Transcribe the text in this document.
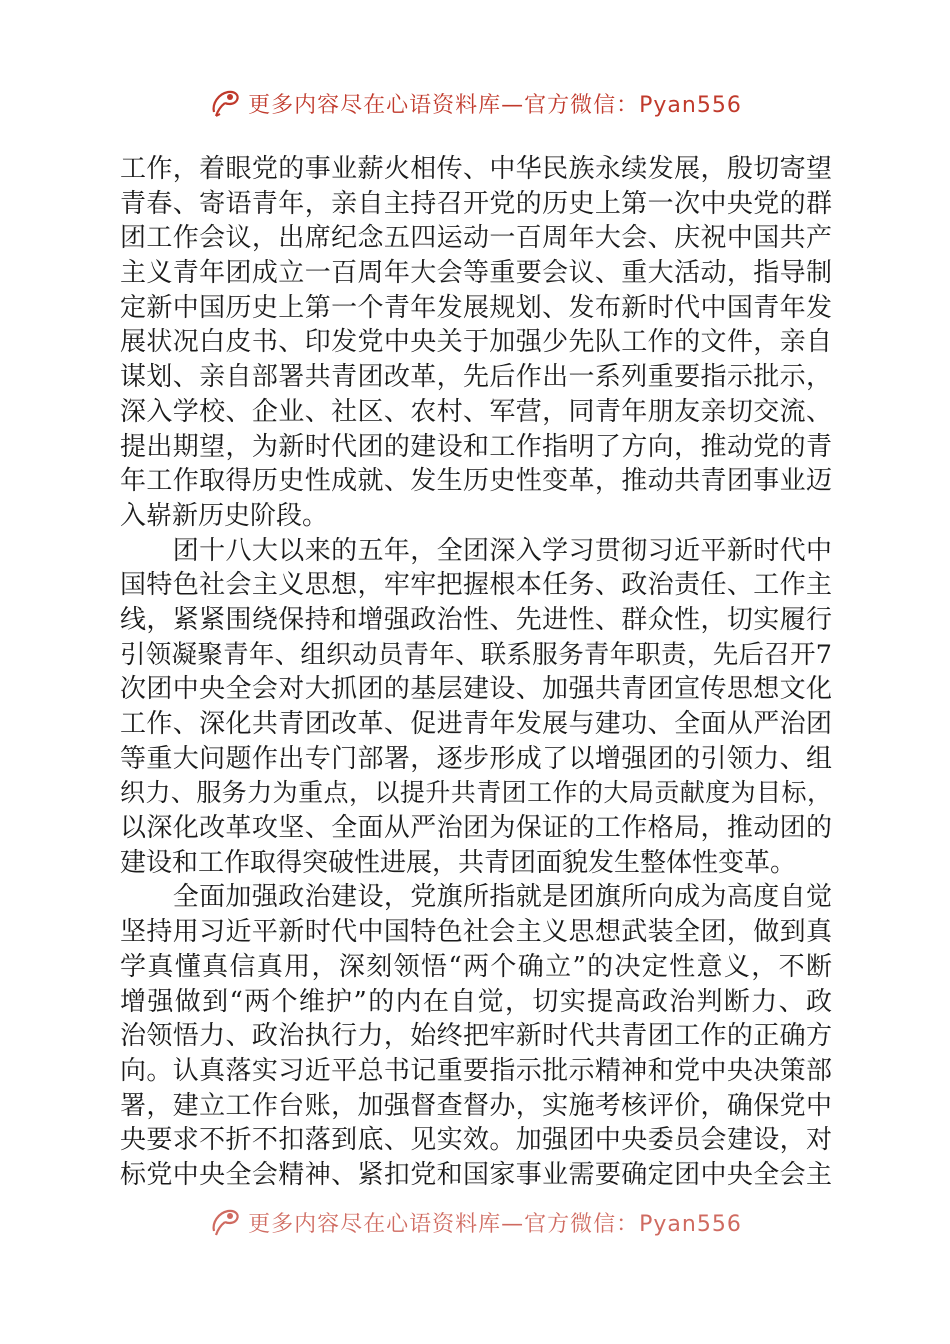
更多内容尽在心语资料库—官方微信：Pyan556
工作，着眼党的事业薪火相传、中华民族永续发展，殷切寄望
青春、寄语青年，亲自主持召开党的历史上第一次中央党的群
团工作会议，出席纪念五四运动一百周年大会、庆祝中国共产
主义青年团成立一百周年大会等重要会议、重大活动，指导制
定新中国历史上第一个青年发展规划、发布新时代中国青年发
展状况白皮书、印发党中央关于加强少先队工作的文件，亲自
谋划、亲自部署共青团改革，先后作出一系列重要指示批示，
深入学校、企业、社区、农村、军营，同青年朋友亲切交流、
提出期望，为新时代团的建设和工作指明了方向，推动党的青
年工作取得历史性成就、发生历史性变革，推动共青团事业迈
入崭新历史阶段。
　　团十八大以来的五年，全团深入学习贯彻习近平新时代中
国特色社会主义思想，牢牢把握根本任务、政治责任、工作主
线，紧紧围绕保持和增强政治性、先进性、群众性，切实履行
引领凝聚青年、组织动员青年、联系服务青年职责，先后召开7
次团中央全会对大抓团的基层建设、加强共青团宣传思想文化
工作、深化共青团改革、促进青年发展与建功、全面从严治团
等重大问题作出专门部署，逐步形成了以增强团的引领力、组
织力、服务力为重点，以提升共青团工作的大局贡献度为目标，
以深化改革攻坚、全面从严治团为保证的工作格局，推动团的
建设和工作取得突破性进展，共青团面貌发生整体性变革。
　　全面加强政治建设，党旗所指就是团旗所向成为高度自觉
坚持用习近平新时代中国特色社会主义思想武装全团，做到真
学真懂真信真用，深刻领悟“两个确立”的决定性意义，不断
增强做到“两个维护”的内在自觉，切实提高政治判断力、政
治领悟力、政治执行力，始终把牢新时代共青团工作的正确方
向。认真落实习近平总书记重要指示批示精神和党中央决策部
署，建立工作台账，加强督查督办，实施考核评价，确保党中
央要求不折不扣落到底、见实效。加强团中央委员会建设，对
标党中央全会精神、紧扣党和国家事业需要确定团中央全会主
更多内容尽在心语资料库—官方微信：Pyan556
